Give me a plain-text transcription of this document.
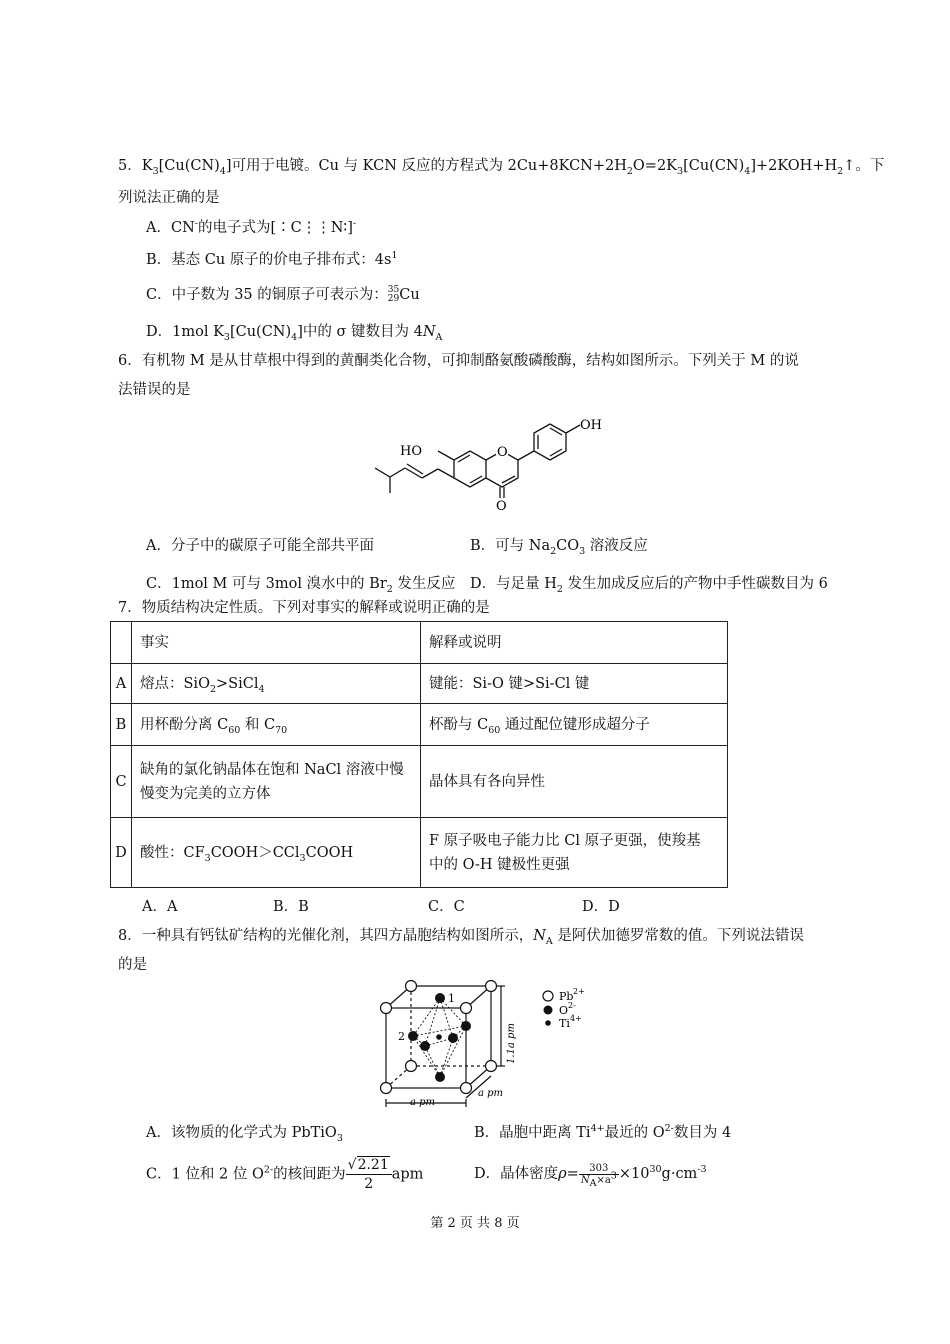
5．$K_3[Cu(CN)_4]$可用于电镀。Cu 与 KCN 反应的方程式为 $2Cu+8KCN+2H_2O=2K_3[Cu(CN)_4]+2KOH+H_2↑$。下
列说法正确的是
A．CN-的电子式为[∶C⋮⋮N∶]-
B．基态 Cu 原子的价电子排布式：$4s^1$
C．中子数为 35 的铜原子可表示为： 35
29 Cu
D．1mol $K_3[Cu(CN)_4]$中的 σ 键数目为 $4N_A$
6．有机物 M 是从甘草根中得到的黄酮类化合物，可抑制酪氨酸磷酸酶，结构如图所示。下列关于 M 的说
法错误的是
O
O
HO
OH
A．分子中的碳原子可能全部共平面	B．可与 $Na_2CO_3$ 溶液反应
C．1mol M 可与 3mol 溴水中的 $Br_2$ 发生反应 D．与足量 $H_2$ 发生加成反应后的产物中手性碳数目为 6
7．物质结构决定性质。下列对事实的解释或说明正确的是
	事实	解释或说明
A	熔点：SiO$_2$>SiCl$_4$	键能：Si-O 键>Si-Cl 键
B	用杯酚分离 $C_{60}$ 和 $C_{70}$	杯酚与 $C_{60}$ 通过配位键形成超分子
C	缺角的氯化钠晶体在饱和 NaCl 溶液中慢
慢变为完美的立方体	晶体具有各向异性
D	酸性：$CF_3COOH>CCl_3COOH$	F 原子吸电子能力比 Cl 原子更强，使羧基
中的 O-H 键极性更强
A．A	B．B	C．C	D．D
8．一种具有钙钛矿结构的光催化剂，其四方晶胞结构如图所示，$N_A$ 是阿伏加德罗常数的值。下列说法错误
的是
1
2	1.1a pm
a pm
a pm
Pb 2+
O 2-
Ti 4+
A．该物质的化学式为 PbTiO$_3$	B．晶胞中距离 $Ti^{4+}$最近的 $O^{2-}$数目为 4
C．1 位和 2 位 $O^{2-}$的核间距为 $\frac{√2.21}{2}$ apm	D．晶体密度$\rho= \frac{303}{N_A\times a^3} \times 10^{30}g\cdot cm^{-3}$
第 2 页 共 8 页
